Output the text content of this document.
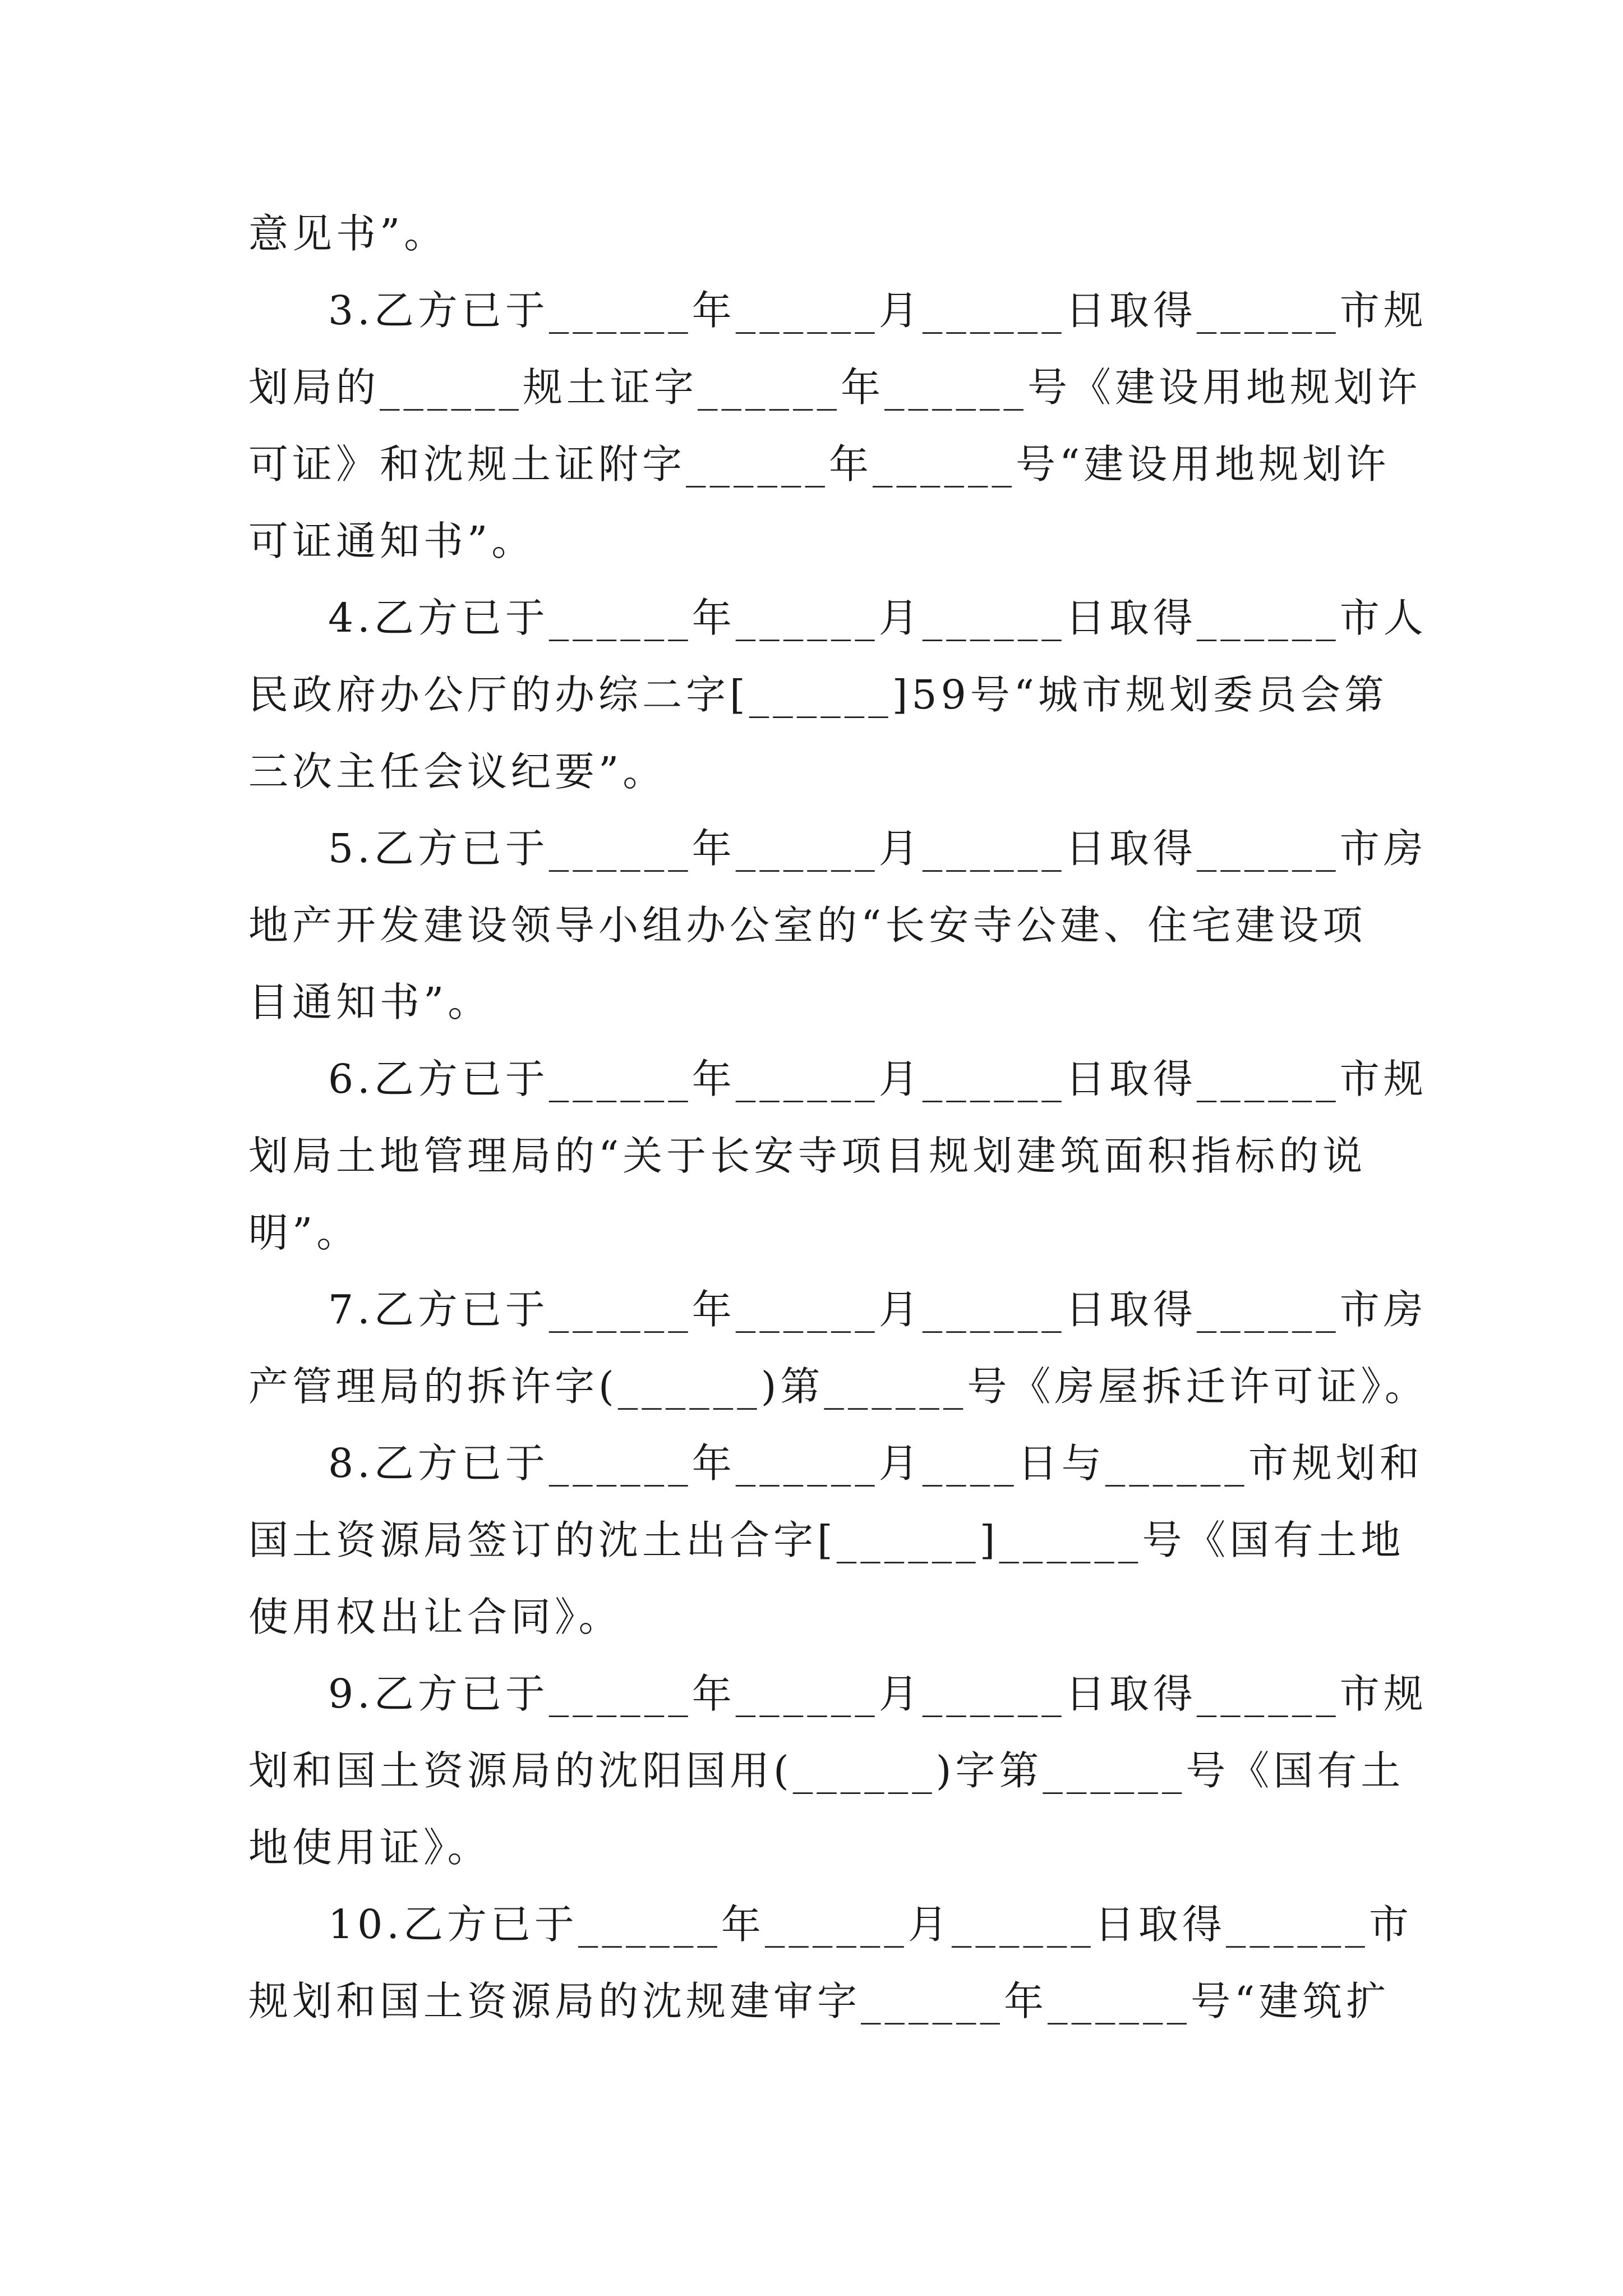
意见书”。
3.乙方已于______年______月______日取得______市规
划局的______规土证字______年______号《建设用地规划许
可证》和沈规土证附字______年______号“建设用地规划许
可证通知书”。
4.乙方已于______年______月______日取得______市人
民政府办公厅的办综二字[______]59号“城市规划委员会第
三次主任会议纪要”。
5.乙方已于______年______月______日取得______市房
地产开发建设领导小组办公室的“长安寺公建、住宅建设项
目通知书”。
6.乙方已于______年______月______日取得______市规
划局土地管理局的“关于长安寺项目规划建筑面积指标的说
明”。
7.乙方已于______年______月______日取得______市房
产管理局的拆许字(______)第______号《房屋拆迁许可证》。
8.乙方已于______年______月____日与______市规划和
国土资源局签订的沈土出合字[______]______号《国有土地
使用权出让合同》。
9.乙方已于______年______月______日取得______市规
划和国土资源局的沈阳国用(______)字第______号《国有土
地使用证》。
10.乙方已于______年______月______日取得______市
规划和国土资源局的沈规建审字______年______号“建筑扩
